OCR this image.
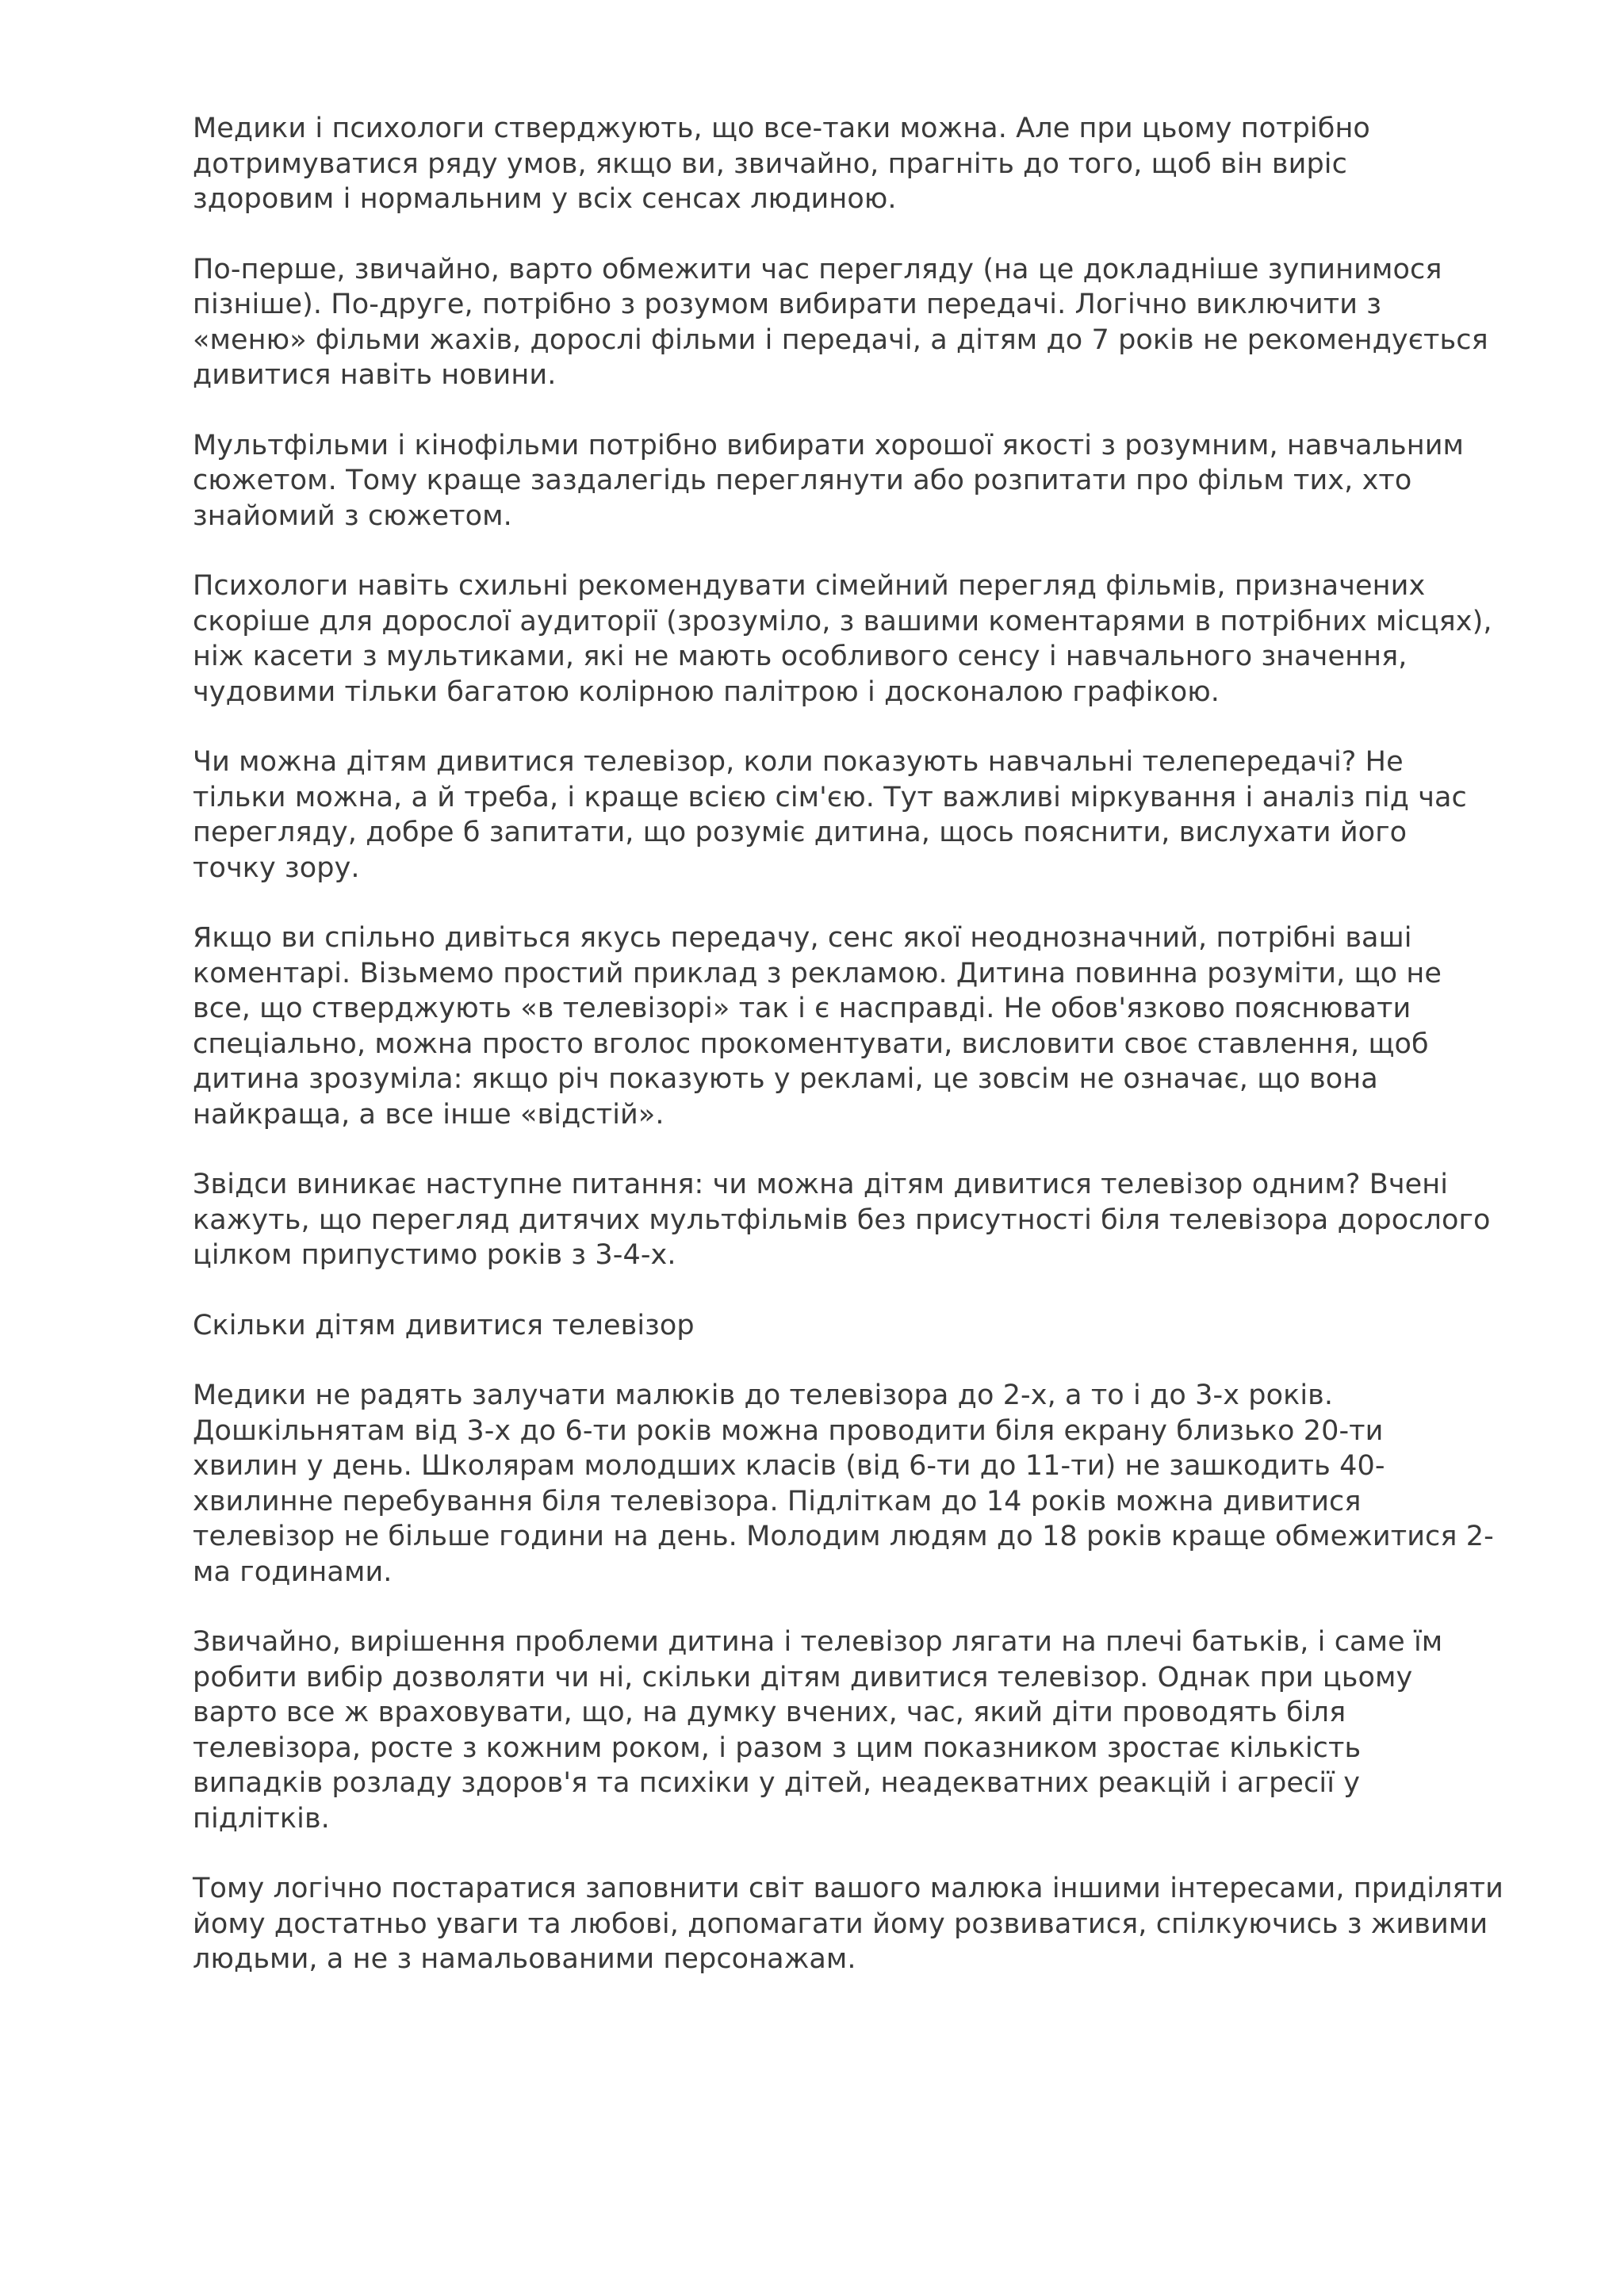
Медики і психологи стверджують, що все-таки можна. Але при цьому потрібно
дотримуватися ряду умов, якщо ви, звичайно, прагніть до того, щоб він виріс
здоровим і нормальним у всіх сенсах людиною.

По-перше, звичайно, варто обмежити час перегляду (на це докладніше зупинимося
пізніше). По-друге, потрібно з розумом вибирати передачі. Логічно виключити з
«меню» фільми жахів, дорослі фільми і передачі, а дітям до 7 років не рекомендується
дивитися навіть новини.

Мультфільми і кінофільми потрібно вибирати хорошої якості з розумним, навчальним
сюжетом. Тому краще заздалегідь переглянути або розпитати про фільм тих, хто
знайомий з сюжетом.

Психологи навіть схильні рекомендувати сімейний перегляд фільмів, призначених
скоріше для дорослої аудиторії (зрозуміло, з вашими коментарями в потрібних місцях),
ніж касети з мультиками, які не мають особливого сенсу і навчального значення,
чудовими тільки багатою колірною палітрою і досконалою графікою.

Чи можна дітям дивитися телевізор, коли показують навчальні телепередачі? Не
тільки можна, а й треба, і краще всією сім'єю. Тут важливі міркування і аналіз під час
перегляду, добре б запитати, що розуміє дитина, щось пояснити, вислухати його
точку зору.

Якщо ви спільно дивіться якусь передачу, сенс якої неоднозначний, потрібні ваші
коментарі. Візьмемо простий приклад з рекламою. Дитина повинна розуміти, що не
все, що стверджують «в телевізорі» так і є насправді. Не обов'язково пояснювати
спеціально, можна просто вголос прокоментувати, висловити своє ставлення, щоб
дитина зрозуміла: якщо річ показують у рекламі, це зовсім не означає, що вона
найкраща, а все інше «відстій».

Звідси виникає наступне питання: чи можна дітям дивитися телевізор одним? Вчені
кажуть, що перегляд дитячих мультфільмів без присутності біля телевізора дорослого
цілком припустимо років з 3-4-х.

Скільки дітям дивитися телевізор

Медики не радять залучати малюків до телевізора до 2-х, а то і до 3-х років.
Дошкільнятам від 3-х до 6-ти років можна проводити біля екрану близько 20-ти
хвилин у день. Школярам молодших класів (від 6-ти до 11-ти) не зашкодить 40-
хвилинне перебування біля телевізора. Підліткам до 14 років можна дивитися
телевізор не більше години на день. Молодим людям до 18 років краще обмежитися 2-
ма годинами.

Звичайно, вирішення проблеми дитина і телевізор лягати на плечі батьків, і саме їм
робити вибір дозволяти чи ні, скільки дітям дивитися телевізор. Однак при цьому
варто все ж враховувати, що, на думку вчених, час, який діти проводять біля
телевізора, росте з кожним роком, і разом з цим показником зростає кількість
випадків розладу здоров'я та психіки у дітей, неадекватних реакцій і агресії у
підлітків.

Тому логічно постаратися заповнити світ вашого малюка іншими інтересами, приділяти
йому достатньо уваги та любові, допомагати йому розвиватися, спілкуючись з живими
людьми, а не з намальованими персонажам.
